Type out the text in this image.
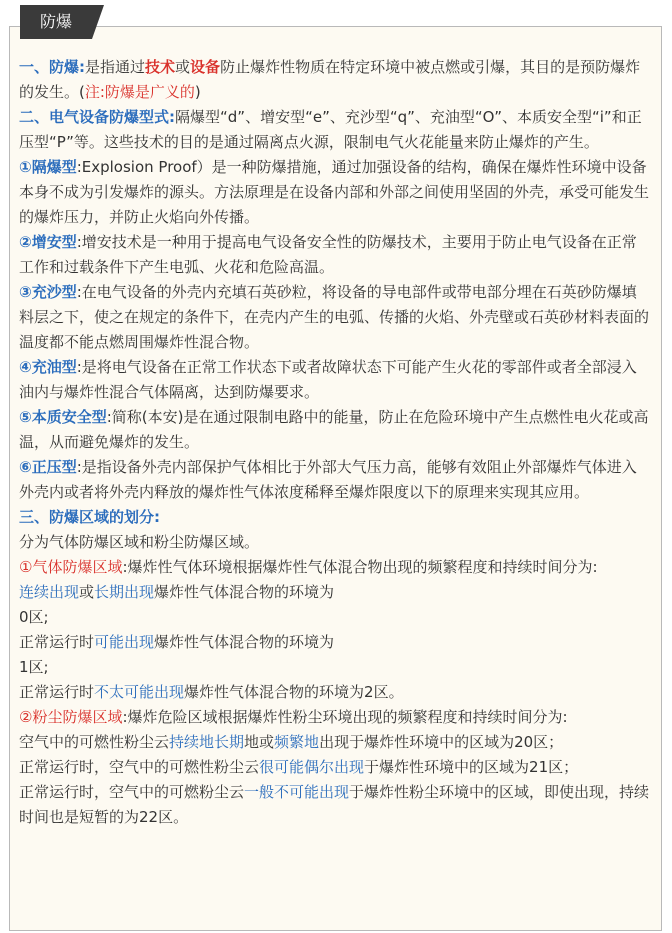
防爆

一、防爆:是指通过技术或设备防止爆炸性物质在特定环境中被点燃或引爆，其目的是预防爆炸的发生。(注:防爆是广义的)

二、电气设备防爆型式:隔爆型“d”、增安型“e”、充沙型“q”、充油型“O”、本质安全型“i”和正压型“P”等。这些技术的目的是通过隔离点火源，限制电气火花能量来防止爆炸的产生。

①隔爆型:Explosion Proof）是一种防爆措施，通过加强设备的结构，确保在爆炸性环境中设备本身不成为引发爆炸的源头。方法原理是在设备内部和外部之间使用坚固的外壳，承受可能发生的爆炸压力，并防止火焰向外传播。

②增安型:增安技术是一种用于提高电气设备安全性的防爆技术，主要用于防止电气设备在正常工作和过载条件下产生电弧、火花和危险高温。

③充沙型:在电气设备的外壳内充填石英砂粒，将设备的导电部件或带电部分埋在石英砂防爆填料层之下，使之在规定的条件下，在壳内产生的电弧、传播的火焰、外壳壁或石英砂材料表面的温度都不能点燃周围爆炸性混合物。

④充油型:是将电气设备在正常工作状态下或者故障状态下可能产生火花的零部件或者全部浸入油内与爆炸性混合气体隔离，达到防爆要求。

⑤本质安全型:简称(本安)是在通过限制电路中的能量，防止在危险环境中产生点燃性电火花或高温，从而避免爆炸的发生。

⑥正压型:是指设备外壳内部保护气体相比于外部大气压力高，能够有效阻止外部爆炸气体进入外壳内或者将外壳内释放的爆炸性气体浓度稀释至爆炸限度以下的原理来实现其应用。

三、防爆区域的划分:

分为气体防爆区域和粉尘防爆区域。

①气体防爆区域:爆炸性气体环境根据爆炸性气体混合物出现的频繁程度和持续时间分为:

连续出现或长期出现爆炸性气体混合物的环境为

0区;

正常运行时可能出现爆炸性气体混合物的环境为

1区;

正常运行时不太可能出现爆炸性气体混合物的环境为2区。

②粉尘防爆区域:爆炸危险区域根据爆炸性粉尘环境出现的频繁程度和持续时间分为:

空气中的可燃性粉尘云持续地长期地或频繁地出现于爆炸性环境中的区域为20区；

正常运行时，空气中的可燃性粉尘云很可能偶尔出现于爆炸性环境中的区域为21区；

正常运行时，空气中的可燃粉尘云一般不可能出现于爆炸性粉尘环境中的区域，即使出现，持续时间也是短暂的为22区。
